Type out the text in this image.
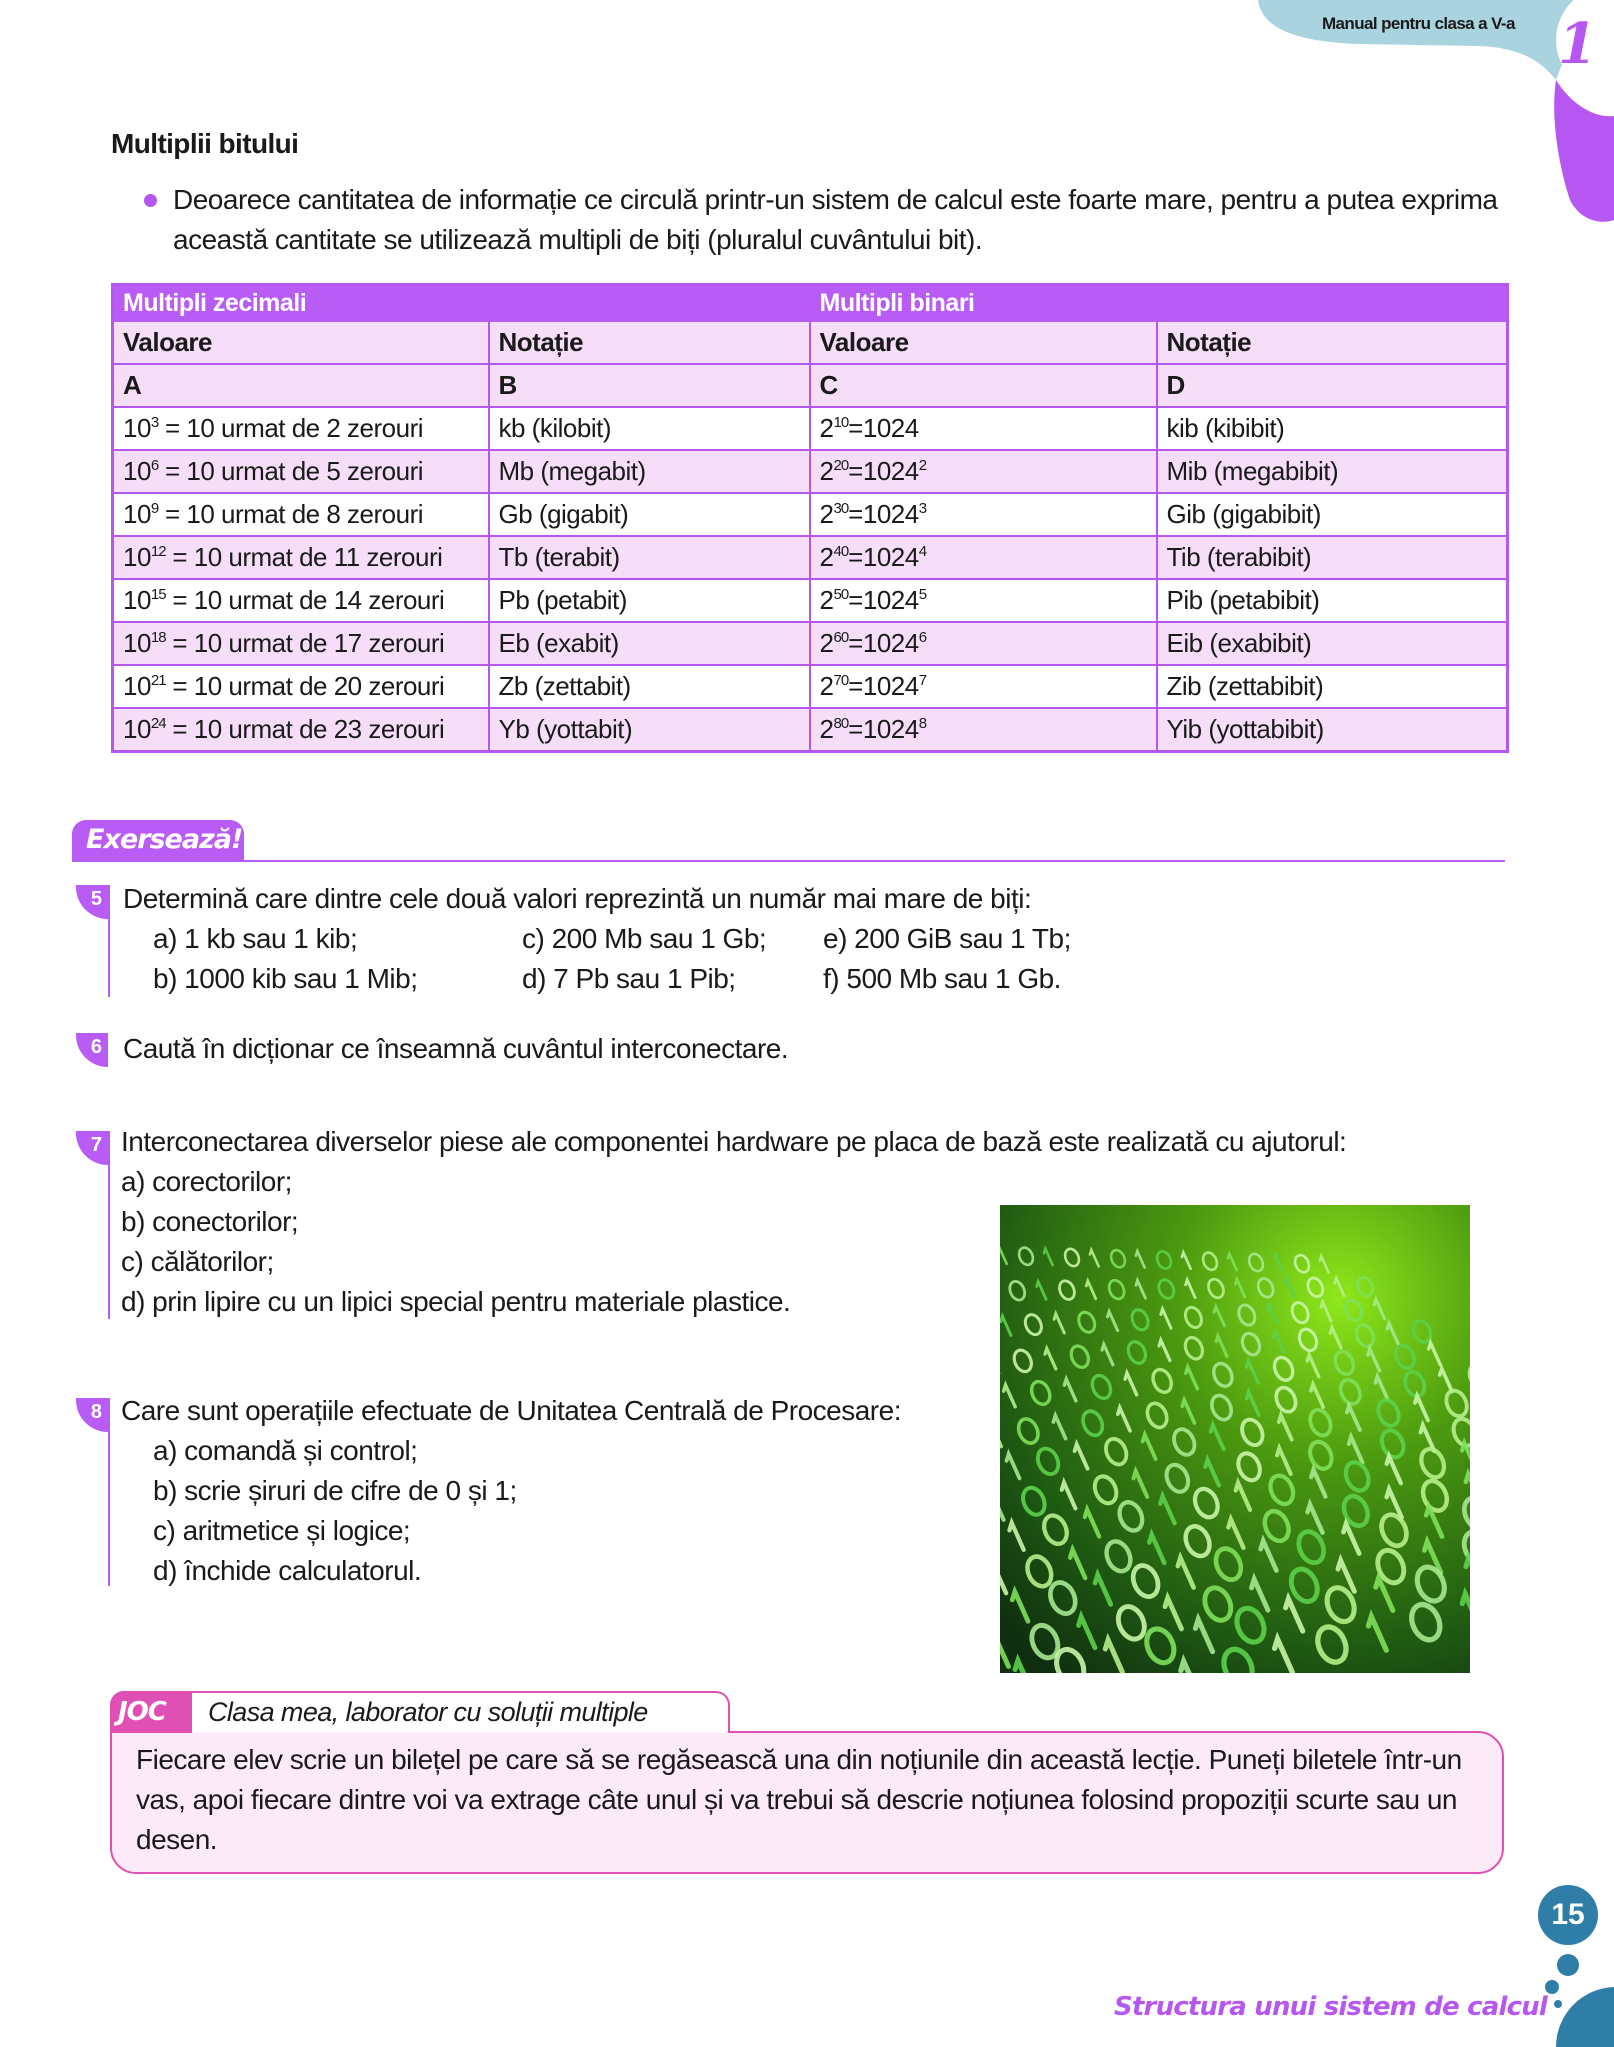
Manual pentru clasa a V-a 1
Multiplii bitului
Deoarece cantitatea de informație ce circulă printr-un sistem de calcul este foarte mare, pentru a putea exprima această cantitate se utilizează multipli de biți (pluralul cuvântului bit).
Multipli zecimali		Multipli binari	
Valoare	Notație	Valoare	Notație
A	B	C	D
$10^3 = 10$ urmat de 2 zerouri	kb (kilobit)	$2^{10}=1024$	kib (kibibit)
$10^6 = 10$ urmat de 5 zerouri	Mb (megabit)	$2^{20}=1024^2$	Mib (megabibit)
$10^9 = 10$ urmat de 8 zerouri	Gb (gigabit)	$2^{30}=1024^3$	Gib (gigabibit)
$10^{12} = 10$ urmat de 11 zerouri	Tb (terabit)	$2^{40}=1024^4$	Tib (terabibit)
$10^{15} = 10$ urmat de 14 zerouri	Pb (petabit)	$2^{50}=1024^5$	Pib (petabibit)
$10^{18} = 10$ urmat de 17 zerouri	Eb (exabit)	$2^{60}=1024^6$	Eib (exabibit)
$10^{21} = 10$ urmat de 20 zerouri	Zb (zettabit)	$2^{70}=1024^7$	Zib (zettabibit)
$10^{24} = 10$ urmat de 23 zerouri	Yb (yottabit)	$2^{80}=1024^8$	Yib (yottabibit)
Exersează!
5 Determină care dintre cele două valori reprezintă un număr mai mare de biți:
a) 1 kb sau 1 kib;
b) 1000 kib sau 1 Mib;
c) 200 Mb sau 1 Gb;
d) 7 Pb sau 1 Pib;
e) 200 GiB sau 1 Tb;
f) 500 Mb sau 1 Gb.
6 Caută în dicționar ce înseamnă cuvântul interconectare.
7 Interconectarea diverselor piese ale componentei hardware pe placa de bază este realizată cu ajutorul:
a) corectorilor;
b) conectorilor;
c) călătorilor;
d) prin lipire cu un lipici special pentru materiale plastice.
8 Care sunt operațiile efectuate de Unitatea Centrală de Procesare:
a) comandă și control;
b) scrie șiruri de cifre de 0 și 1;
c) aritmetice și logice;
d) închide calculatorul.
JOC	Clasa mea, laborator cu soluții multiple
Fiecare elev scrie un bilețel pe care să se regăsească una din noțiunile din această lecție. Puneți biletele într-un vas, apoi fiecare dintre voi va extrage câte unul și va trebui să descrie noțiunea folosind propoziții scurte sau un desen.
15
Structura unui sistem de calcul
